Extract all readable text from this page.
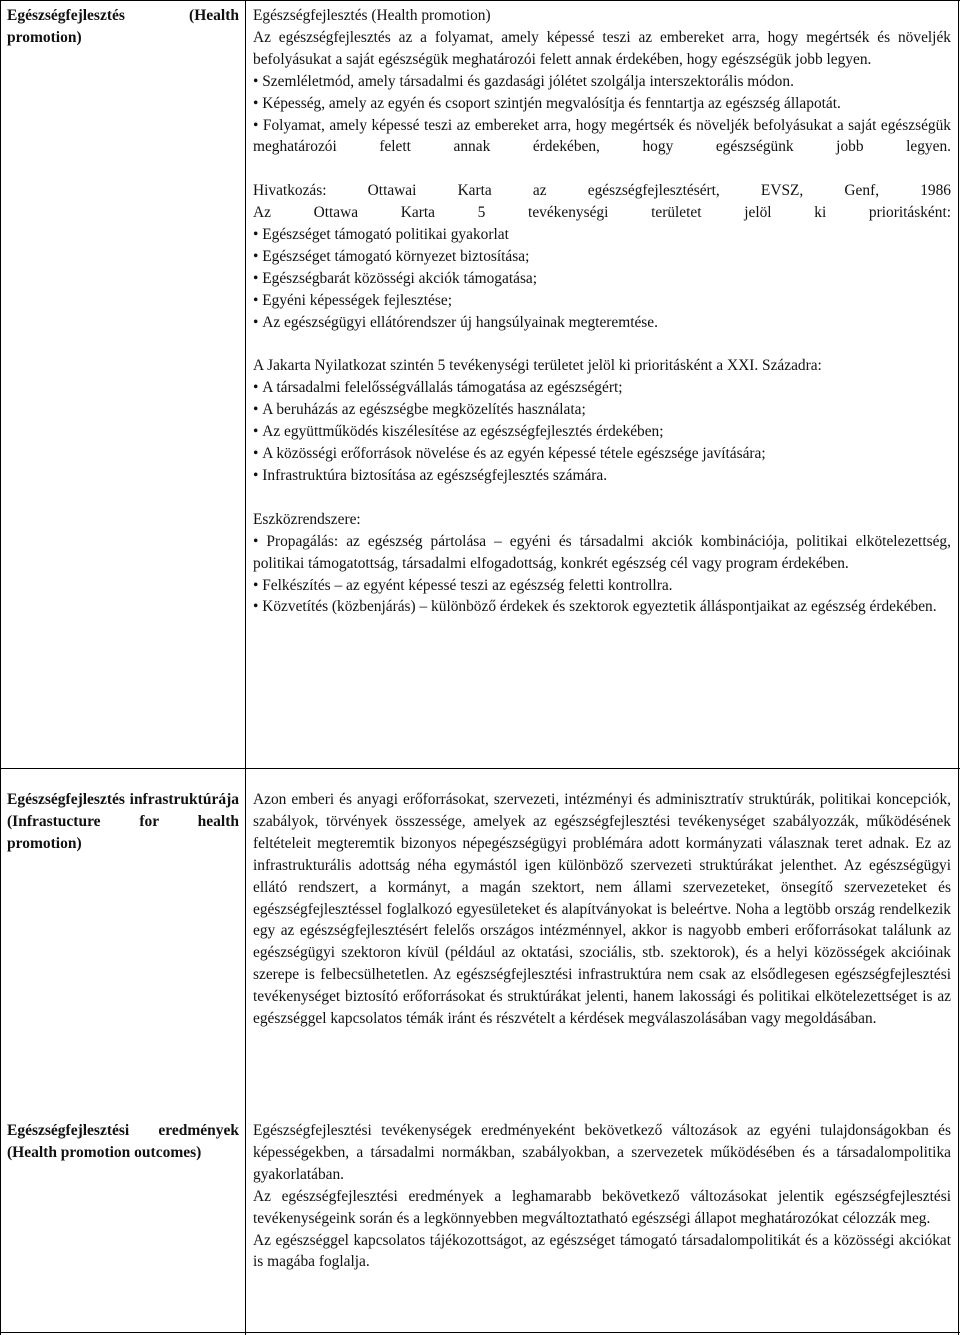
Egészségfejlesztés (Health promotion)

Egészségfejlesztés (Health promotion)

Az egészségfejlesztés az a folyamat, amely képessé teszi az embereket arra, hogy megértsék és növeljék befolyásukat a saját egészségük meghatározói felett annak érdekében, hogy egészségük jobb legyen.

• Szemléletmód, amely társadalmi és gazdasági jólétet szolgálja interszektorális módon.

• Képesség, amely az egyén és csoport szintjén megvalósítja és fenntartja az egészség állapotát.

• Folyamat, amely képessé teszi az embereket arra, hogy megértsék és növeljék befolyásukat a saját egészségük meghatározói felett annak érdekében, hogy egészségünk jobb legyen.

Hivatkozás: Ottawai Karta az egészségfejlesztésért, EVSZ, Genf, 1986

Az Ottawa Karta 5 tevékenységi területet jelöl ki prioritásként:

• Egészséget támogató politikai gyakorlat

• Egészséget támogató környezet biztosítása;

• Egészségbarát közösségi akciók támogatása;

• Egyéni képességek fejlesztése;

• Az egészségügyi ellátórendszer új hangsúlyainak megteremtése.

A Jakarta Nyilatkozat szintén 5 tevékenységi területet jelöl ki prioritásként a XXI. Századra:

• A társadalmi felelősségvállalás támogatása az egészségért;

• A beruházás az egészségbe megközelítés használata;

• Az együttműködés kiszélesítése az egészségfejlesztés érdekében;

• A közösségi erőforrások növelése és az egyén képessé tétele egészsége javítására;

• Infrastruktúra biztosítása az egészségfejlesztés számára.

Eszközrendszere:

• Propagálás: az egészség pártolása – egyéni és társadalmi akciók kombinációja, politikai elkötelezettség, politikai támogatottság, társadalmi elfogadottság, konkrét egészség cél vagy program érdekében.

• Felkészítés – az egyént képessé teszi az egészség feletti kontrollra.

• Közvetítés (közbenjárás) – különböző érdekek és szektorok egyeztetik álláspontjaikat az egészség érdekében.

Egészségfejlesztés infrastruktúrája (Infrastucture for health promotion)

Azon emberi és anyagi erőforrásokat, szervezeti, intézményi és adminisztratív struktúrák, politikai koncepciók, szabályok, törvények összessége, amelyek az egészségfejlesztési tevékenységet szabályozzák, működésének feltételeit megteremtik bizonyos népegészségügyi problémára adott kormányzati válasznak teret adnak. Ez az infrastrukturális adottság néha egymástól igen különböző szervezeti struktúrákat jelenthet. Az egészségügyi ellátó rendszert, a kormányt, a magán szektort, nem állami szervezeteket, önsegítő szervezeteket és egészségfejlesztéssel foglalkozó egyesületeket és alapítványokat is beleértve. Noha a legtöbb ország rendelkezik egy az egészségfejlesztésért felelős országos intézménnyel, akkor is nagyobb emberi erőforrásokat találunk az egészségügyi szektoron kívül (például az oktatási, szociális, stb. szektorok), és a helyi közösségek akcióinak szerepe is felbecsülhetetlen. Az egészségfejlesztési infrastruktúra nem csak az elsődlegesen egészségfejlesztési tevékenységet biztosító erőforrásokat és struktúrákat jelenti, hanem lakossági és politikai elkötelezettséget is az egészséggel kapcsolatos témák iránt és részvételt a kérdések megválaszolásában vagy megoldásában.

Egészségfejlesztési eredmények (Health promotion outcomes)

Egészségfejlesztési tevékenységek eredményeként bekövetkező változások az egyéni tulajdonságokban és képességekben, a társadalmi normákban, szabályokban, a szervezetek működésében és a társadalompolitika gyakorlatában.

Az egészségfejlesztési eredmények a leghamarabb bekövetkező változásokat jelentik egészségfejlesztési tevékenységeink során és a legkönnyebben megváltoztatható egészségi állapot meghatározókat célozzák meg.

Az egészséggel kapcsolatos tájékozottságot, az egészséget támogató társadalompolitikát és a közösségi akciókat is magába foglalja.
